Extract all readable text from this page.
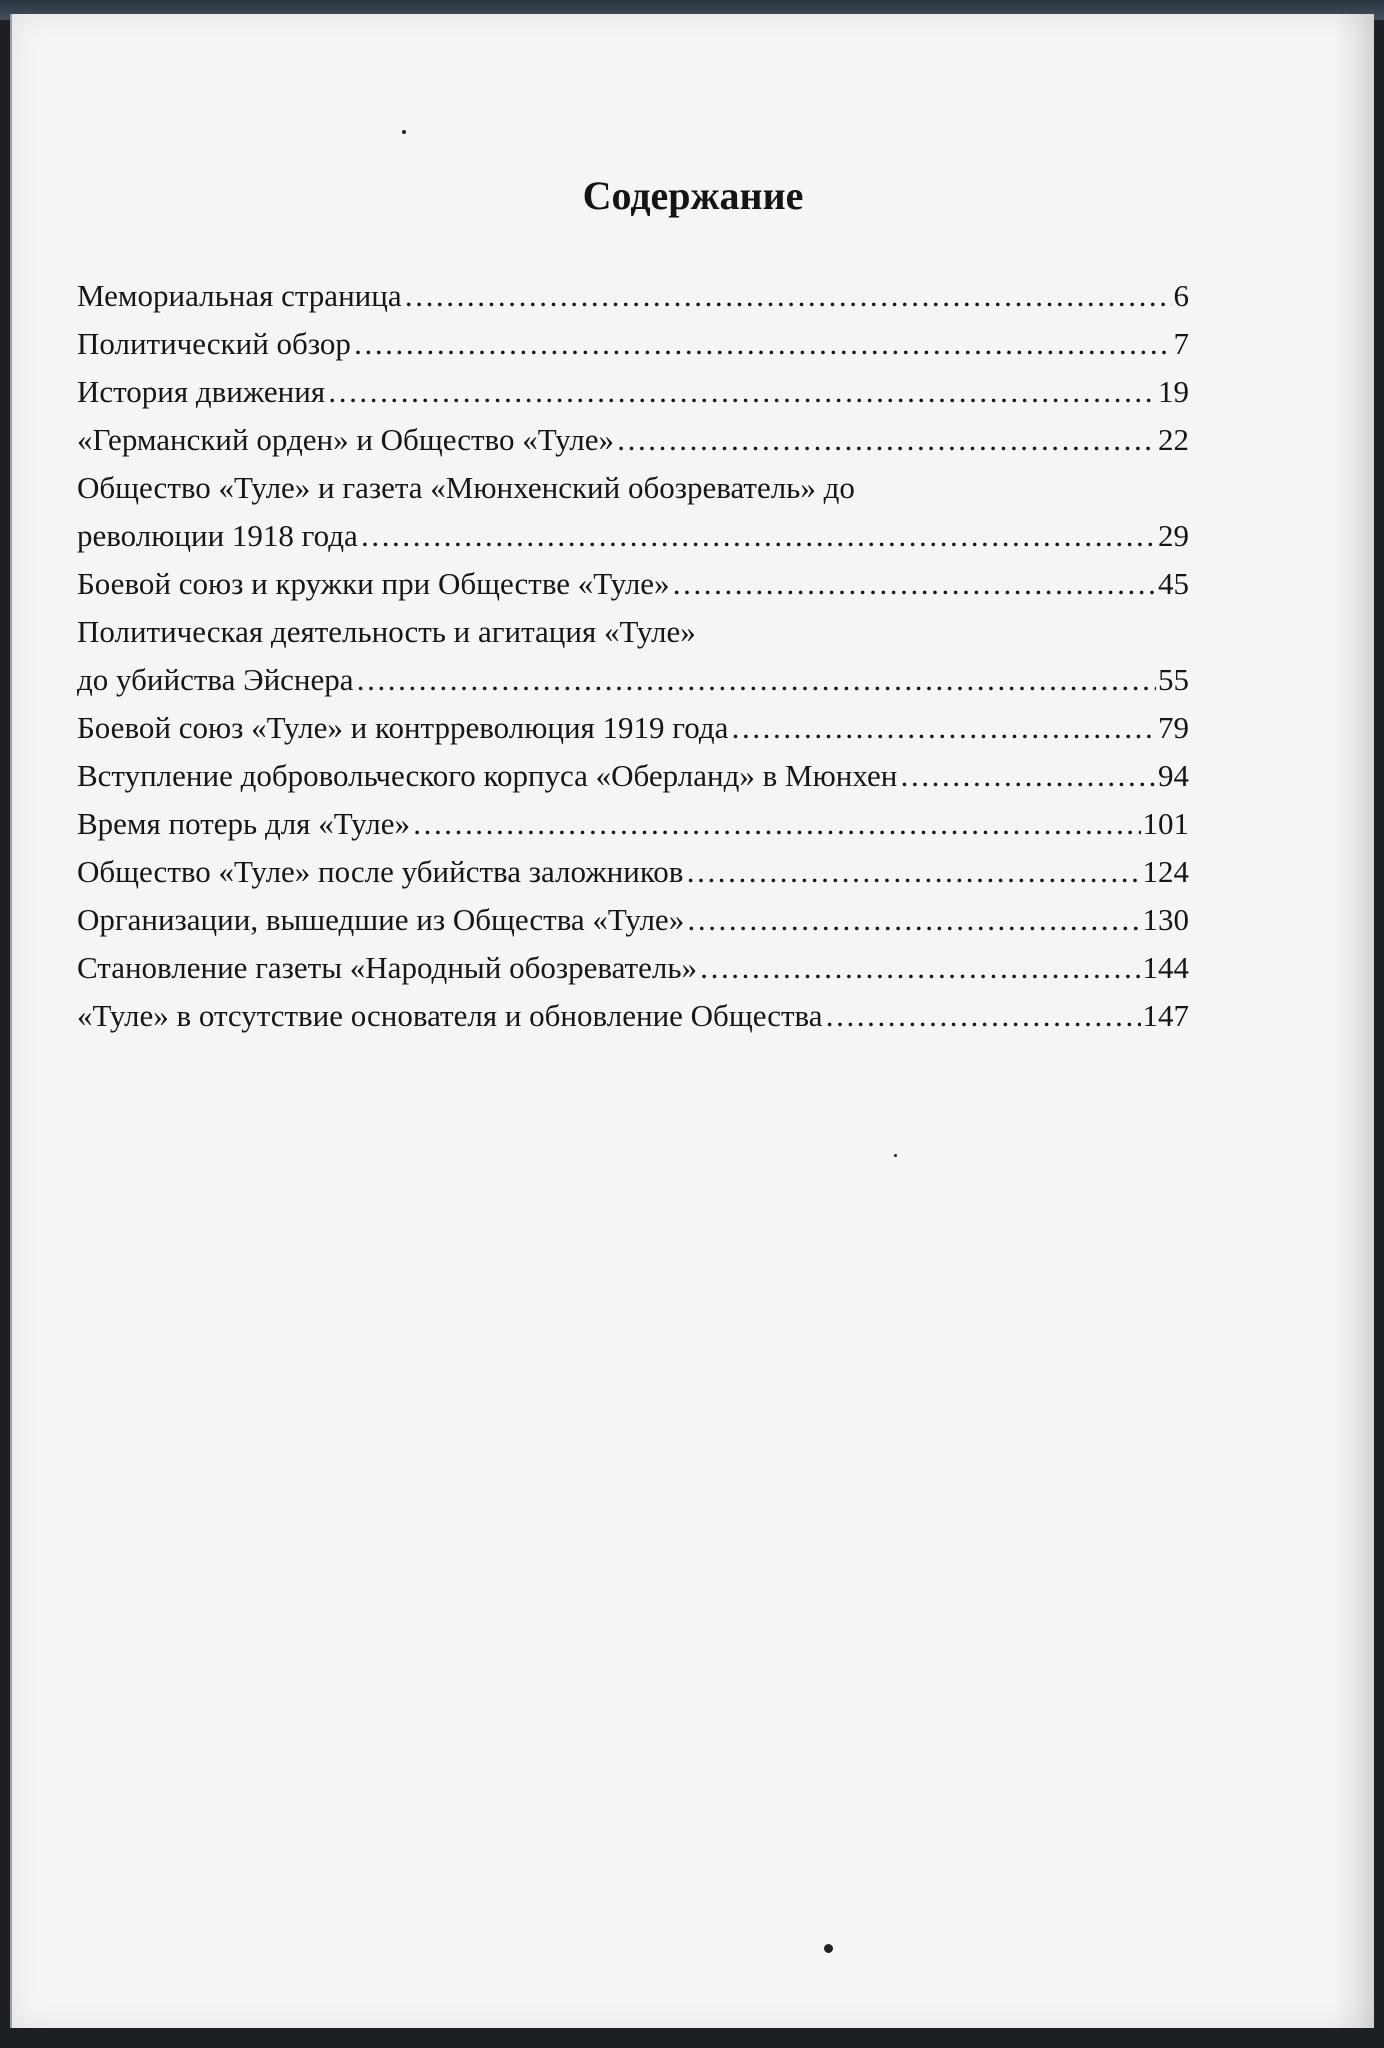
Содержание
Мемориальная страница …………………………………………………………………………………………………………………………………………………………	6
Политический обзор …………………………………………………………………………………………………………………………………………………………	7
История движения …………………………………………………………………………………………………………………………………………………………	19
«Германский орден» и Общество «Туле» …………………………………………………………………………………………………………………………………………………………	22
Общество «Туле» и газета «Мюнхенский обозреватель» до
революции 1918 года …………………………………………………………………………………………………………………………………………………………	29
Боевой союз и кружки при Обществе «Туле» …………………………………………………………………………………………………………………………………………………………	45
Политическая деятельность и агитация «Туле»
до убийства Эйснера …………………………………………………………………………………………………………………………………………………………	55
Боевой союз «Туле» и контрреволюция 1919 года …………………………………………………………………………………………………………………………………………………………	79
Вступление добровольческого корпуса «Оберланд» в Мюнхен …………………………………………………………………………………………………………………………………………………………	94
Время потерь для «Туле» …………………………………………………………………………………………………………………………………………………………	101
Общество «Туле» после убийства заложников …………………………………………………………………………………………………………………………………………………………	124
Организации, вышедшие из Общества «Туле» …………………………………………………………………………………………………………………………………………………………	130
Становление газеты «Народный обозреватель» …………………………………………………………………………………………………………………………………………………………	144
«Туле» в отсутствие основателя и обновление Общества …………………………………………………………………………………………………………………………………………………………	147
